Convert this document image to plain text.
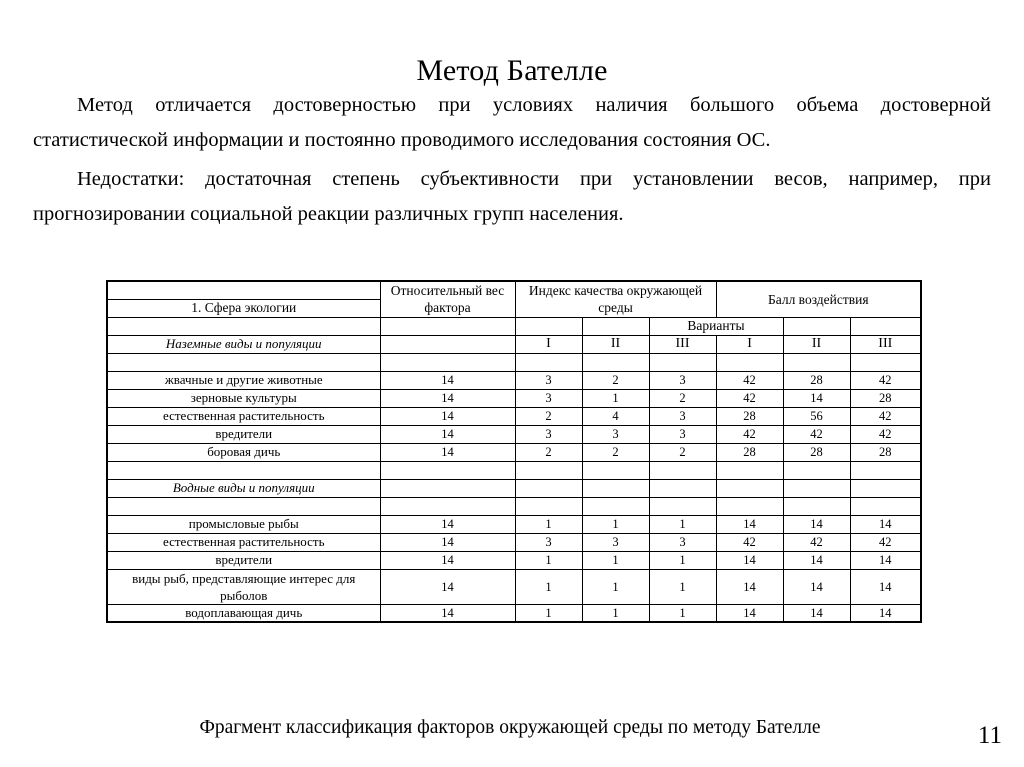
Метод Бателле

Метод отличается достоверностью при условиях наличия большого объема достоверной статистической информации и постоянно проводимого исследования состояния ОС.

Недостатки: достаточная степень субъективности при установлении весов, например, при прогнозировании социальной реакции различных групп населения.

	Относительный вес фактора	Индекс качества окружающей среды			Балл воздействия		
1. Сфера экологии							
				Варианты			
Наземные виды и популяции		I	II	III	I	II	III

жвачные и другие животные	14	3	2	3	42	28	42
зерновые культуры	14	3	1	2	42	14	28
естественная растительность	14	2	4	3	28	56	42
вредители	14	3	3	3	42	42	42
боровая дичь	14	2	2	2	28	28	28

Водные виды и популяции							

промысловые рыбы	14	1	1	1	14	14	14
естественная растительность	14	3	3	3	42	42	42
вредители	14	1	1	1	14	14	14
виды рыб, представляющие интерес для рыболов	14	1	1	1	14	14	14
водоплавающая дичь	14	1	1	1	14	14	14
Фрагмент классификация факторов окружающей среды по методу Бателле	11
